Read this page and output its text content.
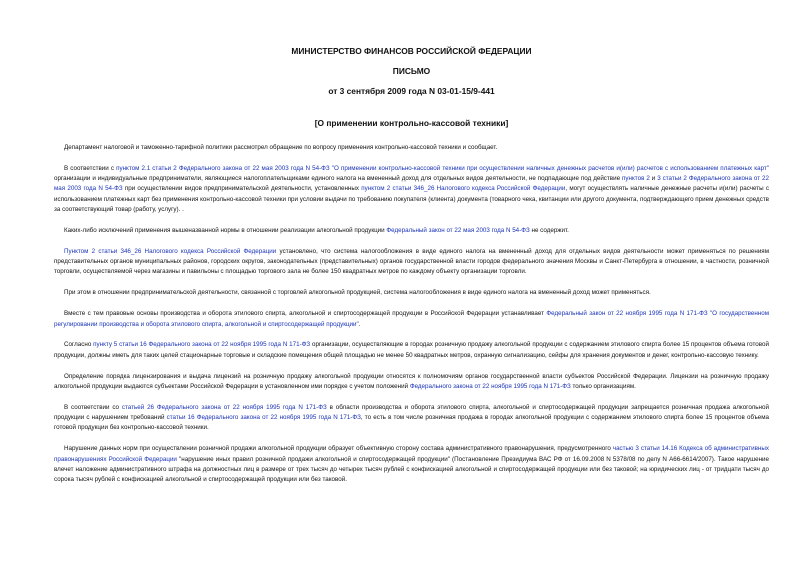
МИНИСТЕРСТВО ФИНАНСОВ РОССИЙСКОЙ ФЕДЕРАЦИИ
ПИСЬМО
от 3 сентября 2009 года N 03-01-15/9-441
[О применении контрольно-кассовой техники]

Департамент налоговой и таможенно-тарифной политики рассмотрел обращение по вопросу применения контрольно-кассовой техники и сообщает.

В соответствии с пунктом 2.1 статьи 2 Федерального закона от 22 мая 2003 года N 54-ФЗ "О применении контрольно-кассовой техники при осуществлении наличных денежных расчетов и(или) расчетов с использованием платежных карт" организации и индивидуальные предприниматели, являющиеся налогоплательщиками единого налога на вмененный доход для отдельных видов деятельности, не подпадающие под действие пунктов 2 и 3 статьи 2 Федерального закона от 22 мая 2003 года N 54-ФЗ при осуществлении видов предпринимательской деятельности, установленных пунктом 2 статьи 346_26 Налогового кодекса Российской Федерации, могут осуществлять наличные денежные расчеты и(или) расчеты с использованием платежных карт без применения контрольно-кассовой техники при условии выдачи по требованию покупателя (клиента) документа (товарного чека, квитанции или другого документа, подтверждающего прием денежных средств за соответствующий товар (работу, услугу). .

Каких-либо исключений применения вышеназванной нормы в отношении реализации алкогольной продукции Федеральный закон от 22 мая 2003 года N 54-ФЗ не содержит.

Пунктом 2 статьи 346_26 Налогового кодекса Российской Федерации установлено, что система налогообложения в виде единого налога на вмененный доход для отдельных видов деятельности может применяться по решениям представительных органов муниципальных районов, городских округов, законодательных (представительных) органов государственной власти городов федерального значения Москвы и Санкт-Петербурга в отношении, в частности, розничной торговли, осуществляемой через магазины и павильоны с площадью торгового зала не более 150 квадратных метров по каждому объекту организации торговли.

При этом в отношении предпринимательской деятельности, связанной с торговлей алкогольной продукцией, система налогообложения в виде единого налога на вмененный доход может применяться.

Вместе с тем правовые основы производства и оборота этилового спирта, алкогольной и спиртосодержащей продукции в Российской Федерации устанавливает Федеральный закон от 22 ноября 1995 года N 171-ФЗ "О государственном регулировании производства и оборота этилового спирта, алкогольной и спиртосодержащей продукции".

Согласно пункту 5 статьи 16 Федерального закона от 22 ноября 1995 года N 171-ФЗ организации, осуществляющие в городах розничную продажу алкогольной продукции с содержанием этилового спирта более 15 процентов объема готовой продукции, должны иметь для таких целей стационарные торговые и складские помещения общей площадью не менее 50 квадратных метров, охранную сигнализацию, сейфы для хранения документов и денег, контрольно-кассовую технику.

Определение порядка лицензирования и выдача лицензий на розничную продажу алкогольной продукции относятся к полномочиям органов государственной власти субъектов Российской Федерации. Лицензии на розничную продажу алкогольной продукции выдаются субъектами Российской Федерации в установленном ими порядке с учетом положений Федерального закона от 22 ноября 1995 года N 171-ФЗ только организациям.

В соответствии со статьей 26 Федерального закона от 22 ноября 1995 года N 171-ФЗ в области производства и оборота этилового спирта, алкогольной и спиртосодержащей продукции запрещается розничная продажа алкогольной продукции с нарушением требований статьи 16 Федерального закона от 22 ноября 1995 года N 171-ФЗ, то есть в том числе розничная продажа в городах алкогольной продукции с содержанием этилового спирта более 15 процентов объема готовой продукции без контрольно-кассовой техники.

Нарушение данных норм при осуществлении розничной продажи алкогольной продукции образует объективную сторону состава административного правонарушения, предусмотренного частью 3 статьи 14.16 Кодекса об административных правонарушениях Российской Федерации "нарушение иных правил розничной продажи алкогольной и спиртосодержащей продукции" (Постановление Президиума ВАС РФ от 16.09.2008 N 5378/08 по делу N А66-6614/2007). Такое нарушение влечет наложение административного штрафа на должностных лиц в размере от трех тысяч до четырех тысяч рублей с конфискацией алкогольной и спиртосодержащей продукции или без таковой; на юридических лиц - от тридцати тысяч до сорока тысяч рублей с конфискацией алкогольной и спиртосодержащей продукции или без таковой.
